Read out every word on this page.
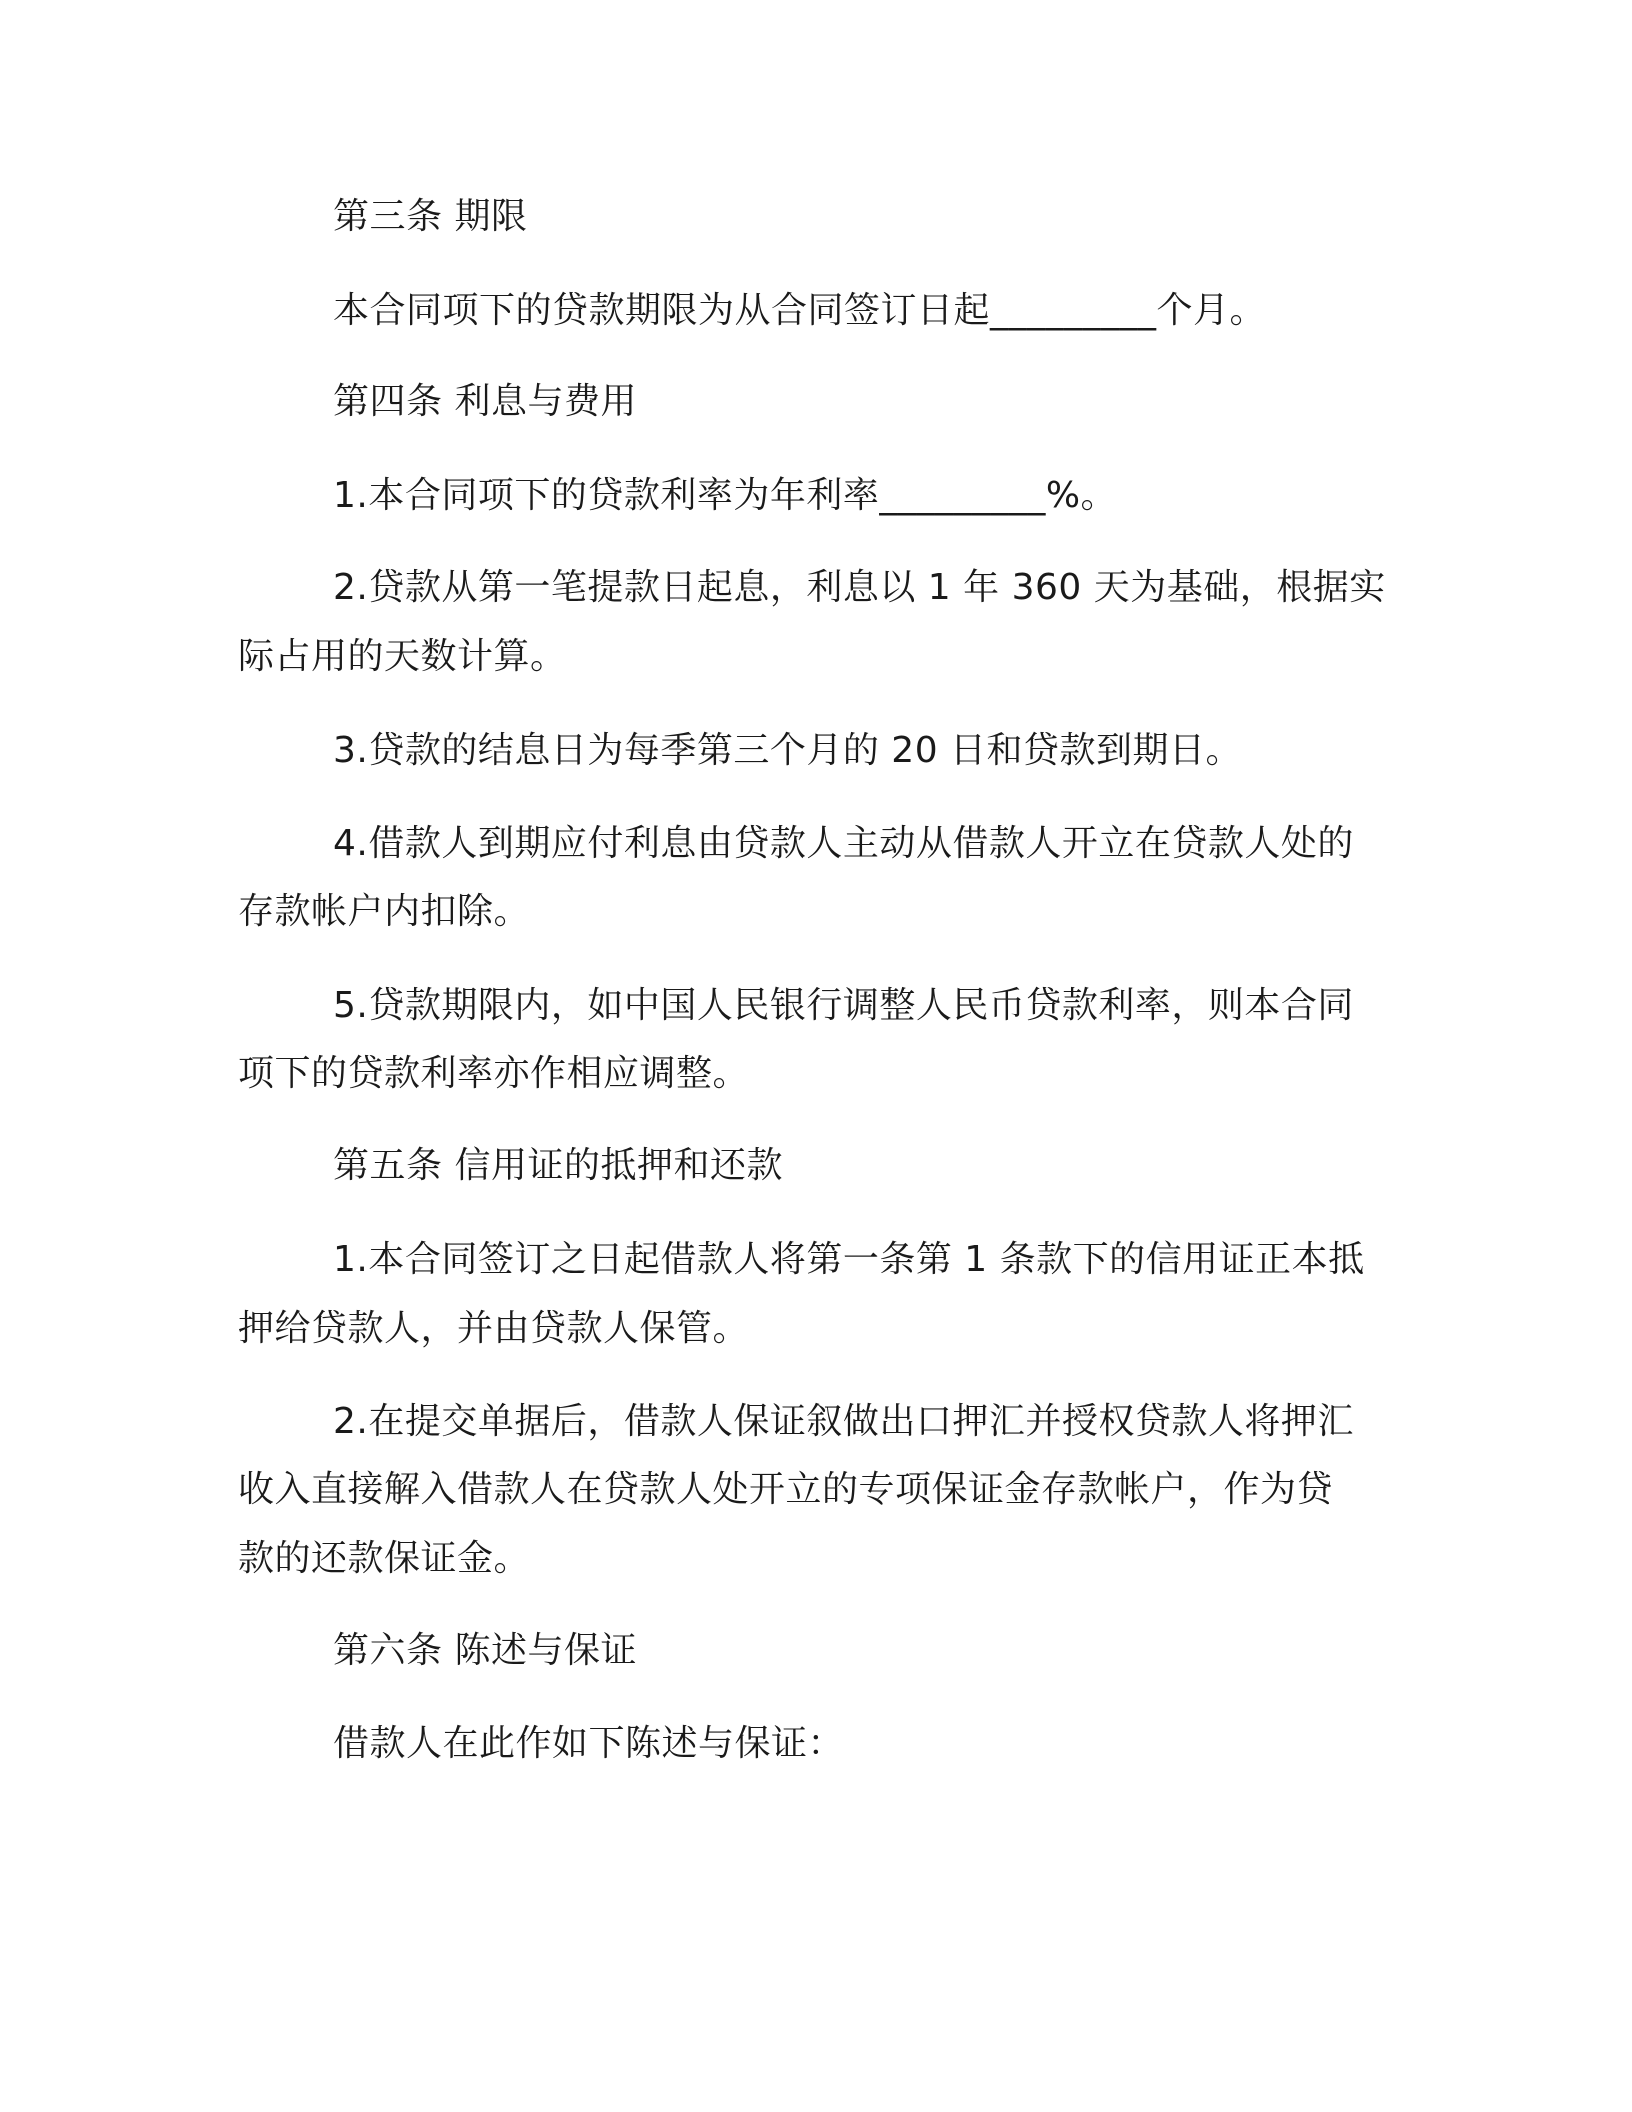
第三条 期限
本合同项下的贷款期限为从合同签订日起_________个月。
第四条 利息与费用
1.本合同项下的贷款利率为年利率_________%。
2.贷款从第一笔提款日起息，利息以 1 年 360 天为基础，根据实
际占用的天数计算。
3.贷款的结息日为每季第三个月的 20 日和贷款到期日。
4.借款人到期应付利息由贷款人主动从借款人开立在贷款人处的
存款帐户内扣除。
5.贷款期限内，如中国人民银行调整人民币贷款利率，则本合同
项下的贷款利率亦作相应调整。
第五条 信用证的抵押和还款
1.本合同签订之日起借款人将第一条第 1 条款下的信用证正本抵
押给贷款人，并由贷款人保管。
2.在提交单据后，借款人保证叙做出口押汇并授权贷款人将押汇
收入直接解入借款人在贷款人处开立的专项保证金存款帐户，作为贷
款的还款保证金。
第六条 陈述与保证
借款人在此作如下陈述与保证：
